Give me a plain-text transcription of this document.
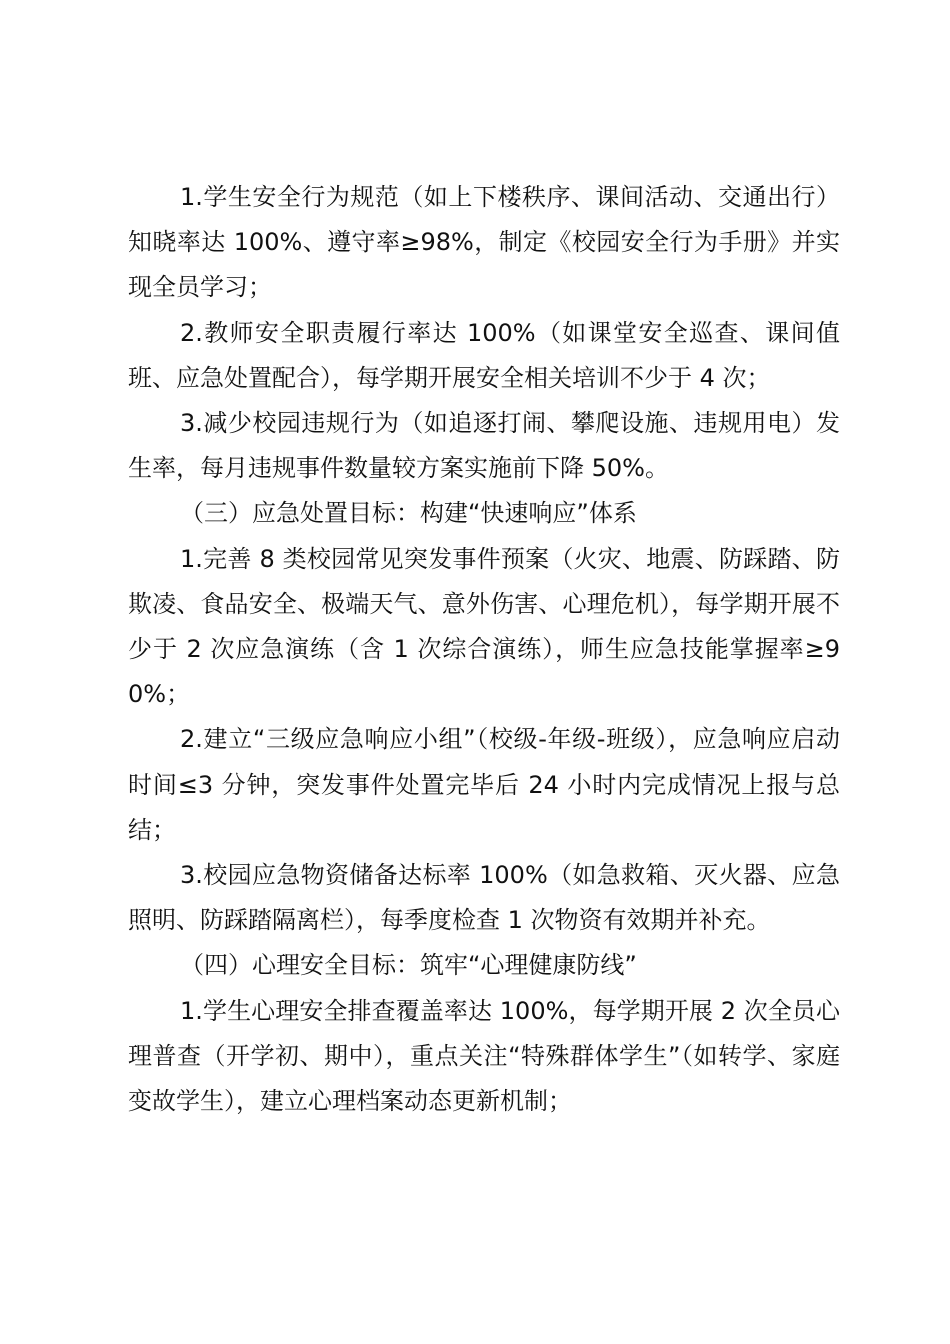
1.学生安全行为规范（如上下楼秩序、课间活动、交通出行）知晓率达 100%、遵守率≥98%，制定《校园安全行为手册》并实现全员学习；

2.教师安全职责履行率达 100%（如课堂安全巡查、课间值班、应急处置配合），每学期开展安全相关培训不少于 4 次；

3.减少校园违规行为（如追逐打闹、攀爬设施、违规用电）发生率，每月违规事件数量较方案实施前下降 50%。

（三）应急处置目标：构建“快速响应”体系

1.完善 8 类校园常见突发事件预案（火灾、地震、防踩踏、防欺凌、食品安全、极端天气、意外伤害、心理危机），每学期开展不少于 2 次应急演练（含 1 次综合演练），师生应急技能掌握率≥90%；

2.建立“三级应急响应小组”（校级-年级-班级），应急响应启动时间≤3 分钟，突发事件处置完毕后 24 小时内完成情况上报与总结；

3.校园应急物资储备达标率 100%（如急救箱、灭火器、应急照明、防踩踏隔离栏），每季度检查 1 次物资有效期并补充。

（四）心理安全目标：筑牢“心理健康防线”

1.学生心理安全排查覆盖率达 100%，每学期开展 2 次全员心理普查（开学初、期中），重点关注“特殊群体学生”（如转学、家庭变故学生），建立心理档案动态更新机制；
